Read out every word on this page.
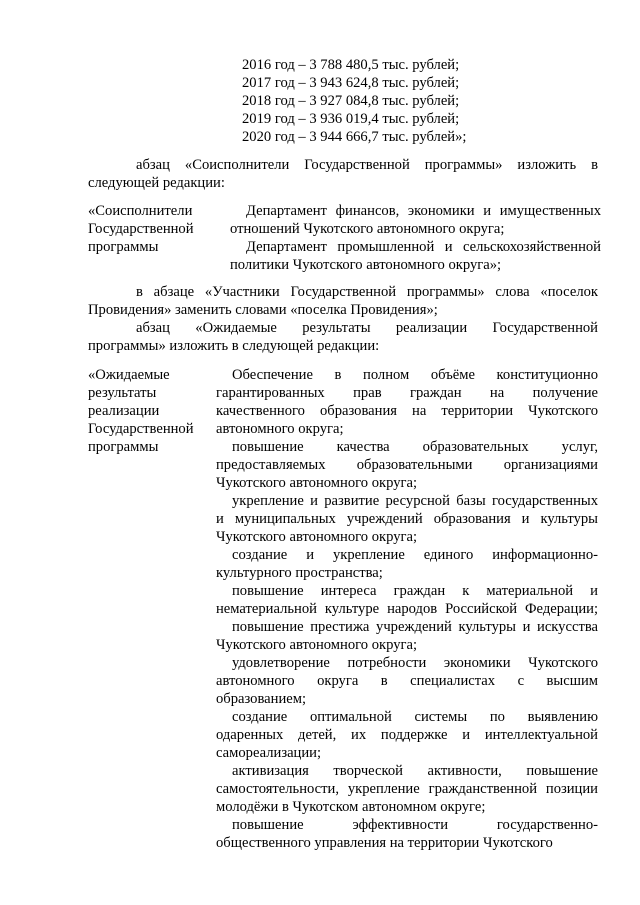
2016 год – 3 788 480,5 тыс. рублей;
2017 год – 3 943 624,8 тыс. рублей;
2018 год – 3 927 084,8 тыс. рублей;
2019 год – 3 936 019,4 тыс. рублей;
2020 год – 3 944 666,7 тыс. рублей»;
абзац «Соисполнители Государственной программы» изложить в
следующей редакции:
«Соисполнители
Государственной
программы
Департамент финансов, экономики и имущественных
отношений Чукотского автономного округа;
Департамент промышленной и сельскохозяйственной
политики Чукотского автономного округа»;
в абзаце «Участники Государственной программы» слова «поселок
Провидения» заменить словами «поселка Провидения»;
абзац «Ожидаемые результаты реализации Государственной
программы» изложить в следующей редакции:
«Ожидаемые
результаты
реализации
Государственной
программы
Обеспечение в полном объёме конституционно
гарантированных прав граждан на получение
качественного образования на территории Чукотского
автономного округа;
повышение качества образовательных услуг,
предоставляемых образовательными организациями
Чукотского автономного округа;
укрепление и развитие ресурсной базы государственных
и муниципальных учреждений образования и культуры
Чукотского автономного округа;
создание и укрепление единого информационно-
культурного пространства;
повышение интереса граждан к материальной и
нематериальной культуре народов Российской Федерации;
повышение престижа учреждений культуры и искусства
Чукотского автономного округа;
удовлетворение потребности экономики Чукотского
автономного округа в специалистах с высшим
образованием;
создание оптимальной системы по выявлению
одаренных детей, их поддержке и интеллектуальной
самореализации;
активизация творческой активности, повышение
самостоятельности, укрепление гражданственной позиции
молодёжи в Чукотском автономном округе;
повышение эффективности государственно-
общественного управления на территории Чукотского
